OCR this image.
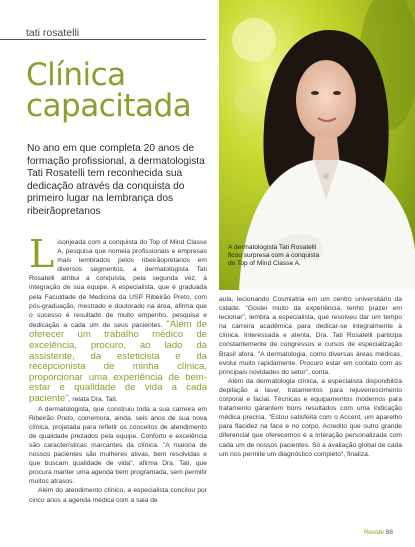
tati rosatelli
Clínica
capacitada
No ano em que completa 20 anos de formação profissional, a dermatologista Tati Rosatelli tem reconhecida sua dedicação através da conquista do primeiro lugar na lembrança dos ribeirãopretanos
A dermatologista Tati Rosatelli ficou surpresa com a conquista do Top of Mind Classe A.

Lisonjeada com a conquista do Top of Mind Classe A, pesquisa que nomeia profissionais e empresas mais lembrados pelos ribeirãopretanos em diversos segmentos, a dermatologista Tati Rosatelli atribui a conquista, pela segunda vez, à integração de sua equipe. A especialista, que é graduada pela Faculdade de Medicina da USP Ribeirão Preto, com pós-graduação, mestrado e doutorado na área, afirma que o sucesso é resultado de muito empenho, pesquisa e dedicação a cada um de seus pacientes. "Além de oferecer um trabalho médico de excelência, procuro, ao lado da assistente, da esteticista e da recepcionista de minha clínica, proporcionar uma experiência de bem-estar e qualidade de vida a cada paciente", relata Dra. Tati.

A dermatologista, que construiu toda a sua carreira em Ribeirão Preto, comemora, ainda, seis anos de sua nova clínica, projetada para refletir os conceitos de atendimento de qualidade prezados pela equipe. Conforto e excelência são características marcantes da clínica. "A maioria de nossos pacientes são mulheres ativas, bem resolvidas e que buscam qualidade de vida", afirma Dra. Tati, que procura manter uma agenda bem programada, sem permitir muitos atrasos.

Além do atendimento clínico, a especialista concilou por cinco anos a agenda médica com a sala de

aula, lecionando Cosmiatria em um centro universitário da cidade. "Gostei muito da experiência, tenho prazer em lecionar", lembra a especialista, que resolveu dar um tempo na carreira acadêmica para dedicar-se integralmente à clínica. Interessada e atenta, Dra. Tati Rosatelli participa constantemente de congressos e cursos de especialização Brasil afora. "A dermatologia, como diversas áreas médicas, evolui muito rapidamente. Procuro estar em contato com as principais novidades do setor", conta.

Além da dermatologia clínica, a especialista disponibiliza depilação a laser, tratamentos para rejuvenescimento corporal e facial. Técnicas e equipamentos modernos para tratamento garantem bons resultados com uma indicação médica precisa. "Estou satisfeita com o Accent, um aparelho para flacidez na face e no corpo. Acredito que outro grande diferencial que oferecemos é a interação personalizada com cada um de nossos pacientes. Só a avaliação global de cada um nos permite um diagnóstico completo", finaliza.

Revide 88
